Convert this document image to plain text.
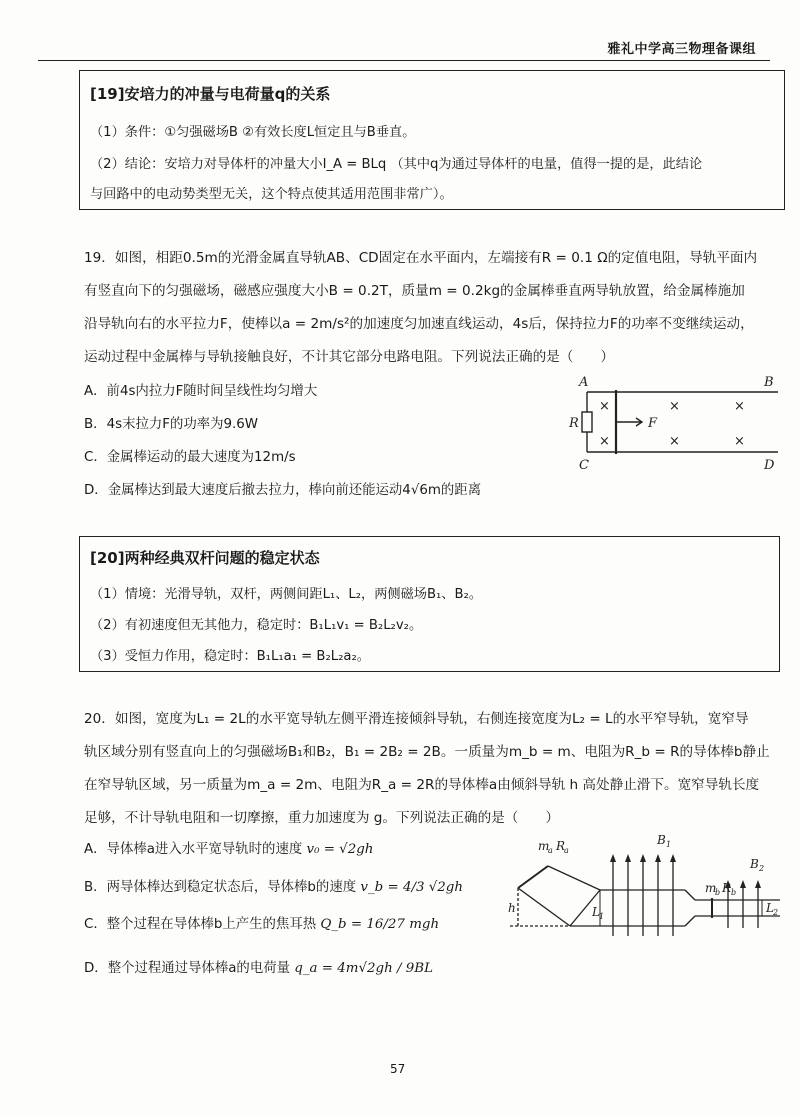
雅礼中学高三物理备课组
[19]安培力的冲量与电荷量q的关系
（1）条件：①匀强磁场B ②有效长度L恒定且与B垂直。
（2）结论：安培力对导体杆的冲量大小I_A = BLq （其中q为通过导体杆的电量，值得一提的是，此结论
与回路中的电动势类型无关，这个特点使其适用范围非常广）。
19．如图，相距0.5m的光滑金属直导轨AB、CD固定在水平面内，左端接有R = 0.1 Ω的定值电阻，导轨平面内
有竖直向下的匀强磁场，磁感应强度大小B = 0.2T，质量m = 0.2kg的金属棒垂直两导轨放置，给金属棒施加
沿导轨向右的水平拉力F，使棒以a = 2m/s²的加速度匀加速直线运动，4s后，保持拉力F的功率不变继续运动，
运动过程中金属棒与导轨接触良好，不计其它部分电路电阻。下列说法正确的是（　　）
A．前4s内拉力F随时间呈线性均匀增大
B．4s末拉力F的功率为9.6W
C．金属棒运动的最大速度为12m/s
D．金属棒达到最大速度后撤去拉力，棒向前还能运动4√6m的距离
A	B
R	F
C	D
×
×
×
×
×
×
[20]两种经典双杆问题的稳定状态
（1）情境：光滑导轨，双杆，两侧间距L₁、L₂，两侧磁场B₁、B₂。
（2）有初速度但无其他力，稳定时：B₁L₁v₁ = B₂L₂v₂。
（3）受恒力作用，稳定时：B₁L₁a₁ = B₂L₂a₂。
20．如图，宽度为L₁ = 2L的水平宽导轨左侧平滑连接倾斜导轨，右侧连接宽度为L₂ = L的水平窄导轨，宽窄导
轨区域分别有竖直向上的匀强磁场B₁和B₂，B₁ = 2B₂ = 2B。一质量为m_b = m、电阻为R_b = R的导体棒b静止
在窄导轨区域，另一质量为m_a = 2m、电阻为R_a = 2R的导体棒a由倾斜导轨 h 高处静止滑下。宽窄导轨长度
足够，不计导轨电阻和一切摩擦，重力加速度为 g。下列说法正确的是（　　）
A．导体棒a进入水平宽导轨时的速度 v₀ = √2gh
B．两导体棒达到稳定状态后，导体棒b的速度 v_b = 4/3 √2gh
C．整个过程在导体棒b上产生的焦耳热 Q_b = 16/27 mgh
D．整个过程通过导体棒a的电荷量 q_a = 4m√2gh / 9BL
m
a R
a
B 1
B 2
m
b R b
h	L 1
L 2
57
